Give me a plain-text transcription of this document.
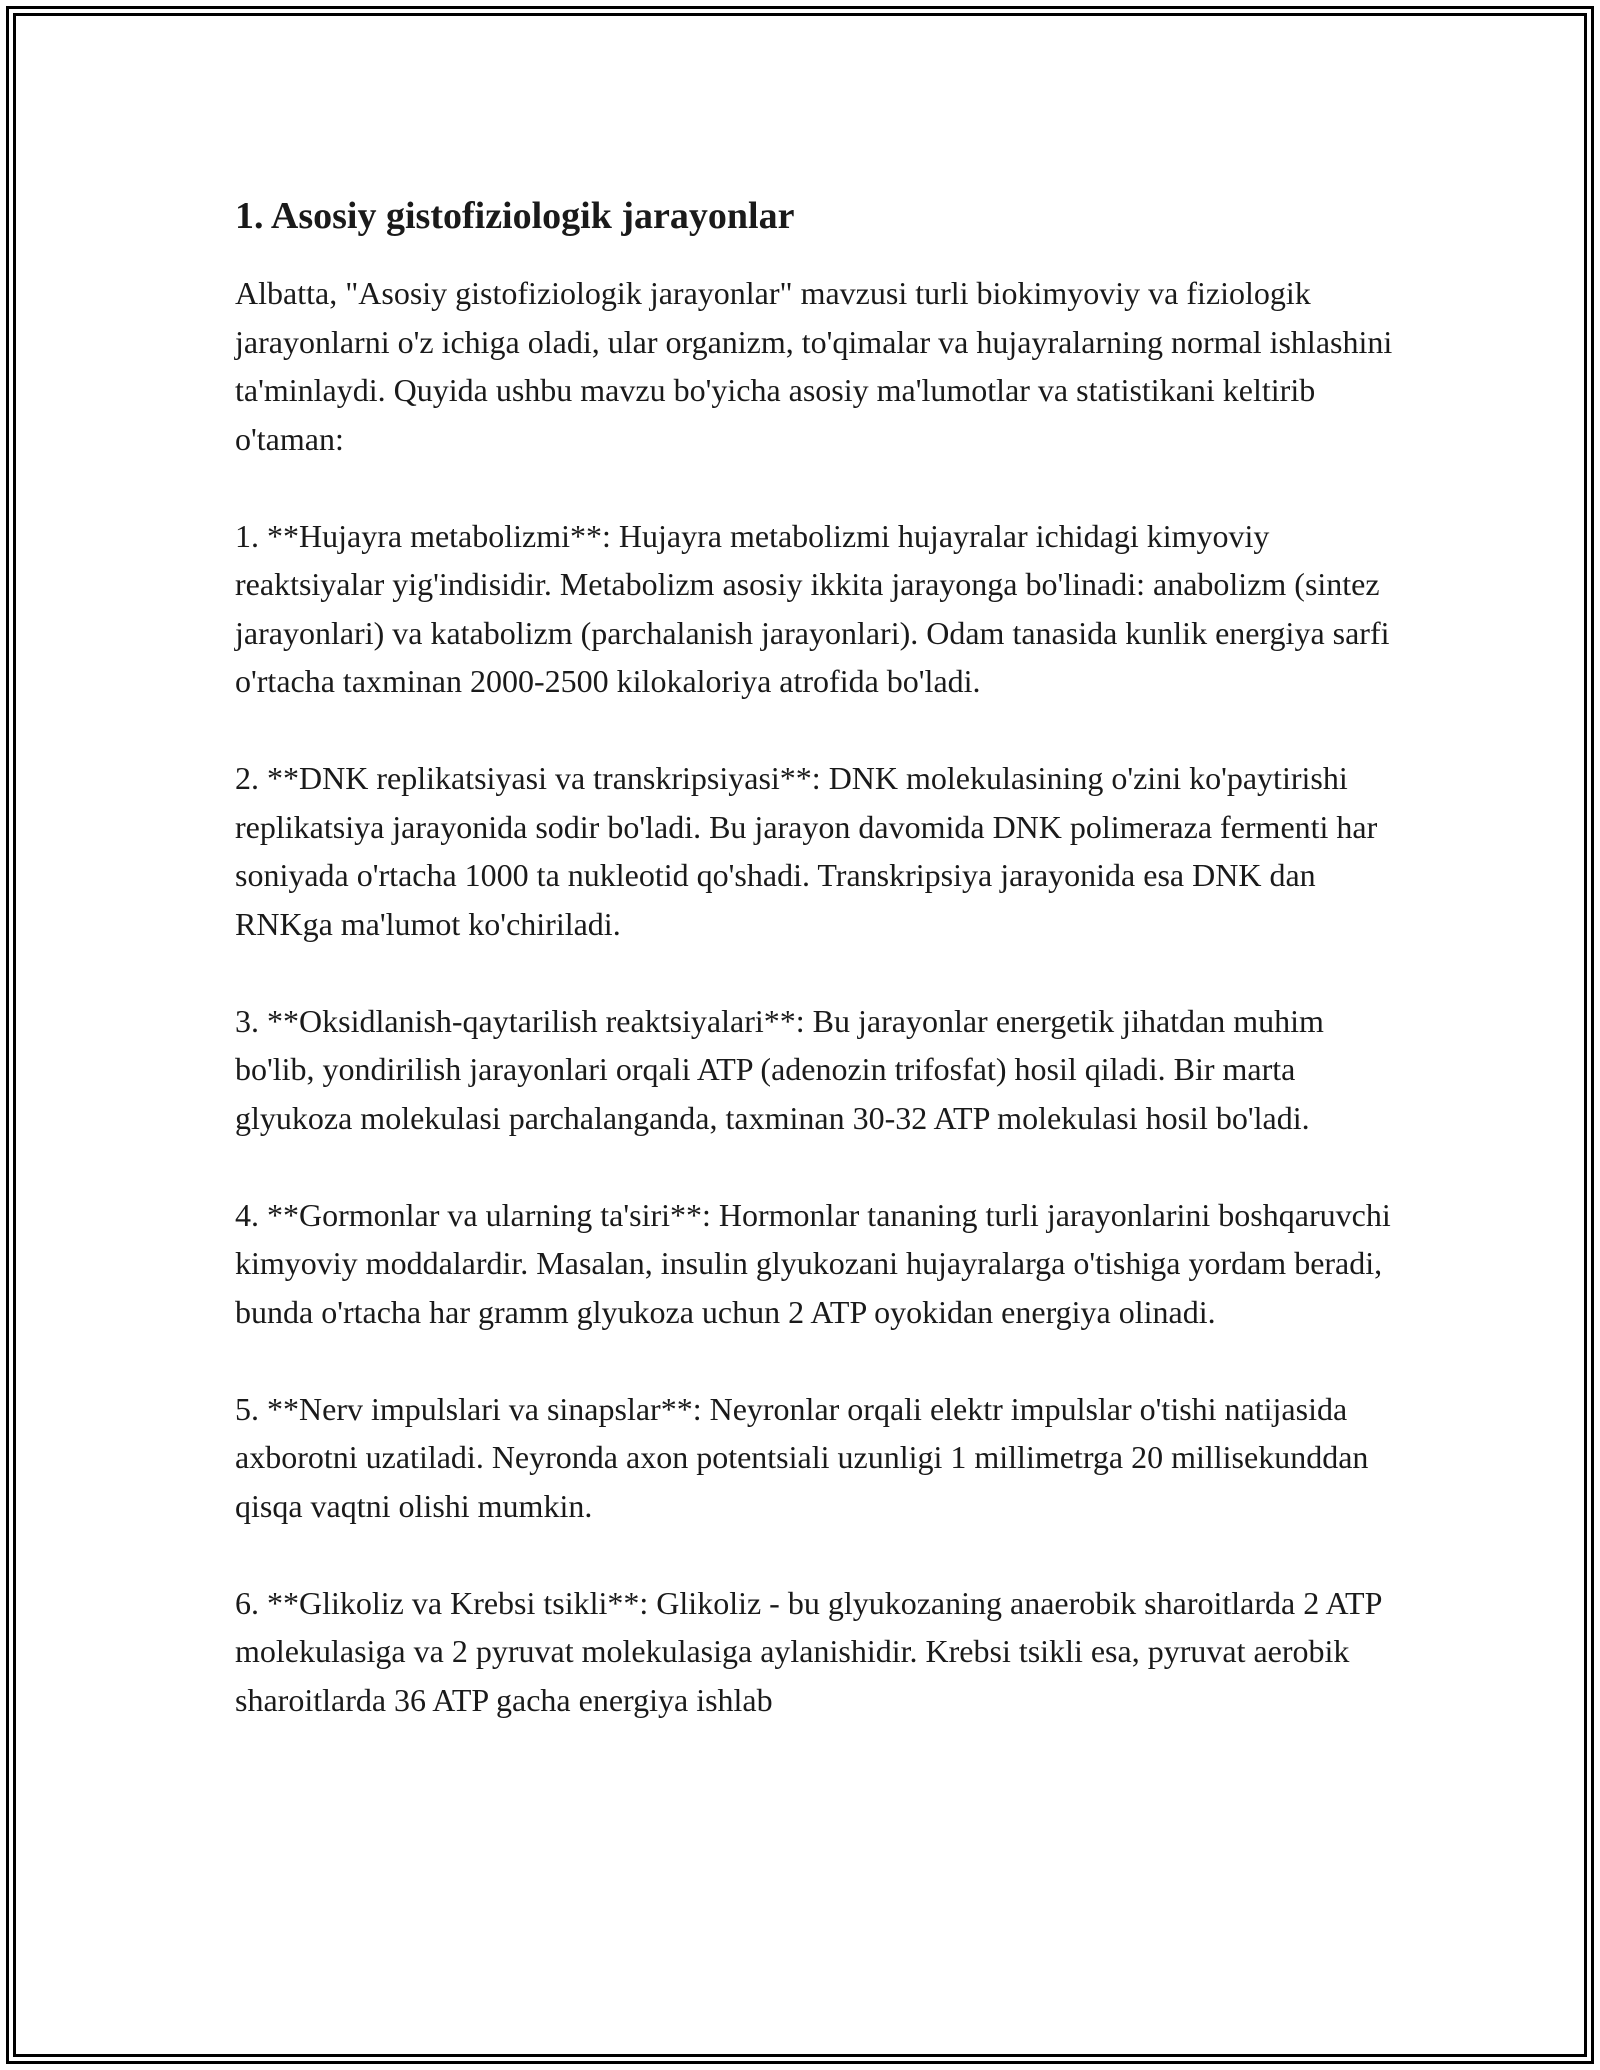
1. Asosiy gistofiziologik jarayonlar

Albatta, "Asosiy gistofiziologik jarayonlar" mavzusi turli biokimyoviy va fiziologik jarayonlarni o'z ichiga oladi, ular organizm, to'qimalar va hujayralarning normal ishlashini ta'minlaydi. Quyida ushbu mavzu bo'yicha asosiy ma'lumotlar va statistikani keltirib o'taman:

1. **Hujayra metabolizmi**: Hujayra metabolizmi hujayralar ichidagi kimyoviy reaktsiyalar yig'indisidir. Metabolizm asosiy ikkita jarayonga bo'linadi: anabolizm (sintez jarayonlari) va katabolizm (parchalanish jarayonlari). Odam tanasida kunlik energiya sarfi o'rtacha taxminan 2000-2500 kilokaloriya atrofida bo'ladi.

2. **DNK replikatsiyasi va transkripsiyasi**: DNK molekulasining o'zini ko'paytirishi replikatsiya jarayonida sodir bo'ladi. Bu jarayon davomida DNK polimeraza fermenti har soniyada o'rtacha 1000 ta nukleotid qo'shadi. Transkripsiya jarayonida esa DNK dan RNKga ma'lumot ko'chiriladi.

3. **Oksidlanish-qaytarilish reaktsiyalari**: Bu jarayonlar energetik jihatdan muhim bo'lib, yondirilish jarayonlari orqali ATP (adenozin trifosfat) hosil qiladi. Bir marta glyukoza molekulasi parchalanganda, taxminan 30-32 ATP molekulasi hosil bo'ladi.

4. **Gormonlar va ularning ta'siri**: Hormonlar tananing turli jarayonlarini boshqaruvchi kimyoviy moddalardir. Masalan, insulin glyukozani hujayralarga o'tishiga yordam beradi, bunda o'rtacha har gramm glyukoza uchun 2 ATP oyokidan energiya olinadi.

5. **Nerv impulslari va sinapslar**: Neyronlar orqali elektr impulslar o'tishi natijasida axborotni uzatiladi. Neyronda axon potentsiali uzunligi 1 millimetrga 20 millisekunddan qisqa vaqtni olishi mumkin.

6. **Glikoliz va Krebsi tsikli**: Glikoliz - bu glyukozaning anaerobik sharoitlarda 2 ATP molekulasiga va 2 pyruvat molekulasiga aylanishidir. Krebsi tsikli esa, pyruvat aerobik sharoitlarda 36 ATP gacha energiya ishlab
